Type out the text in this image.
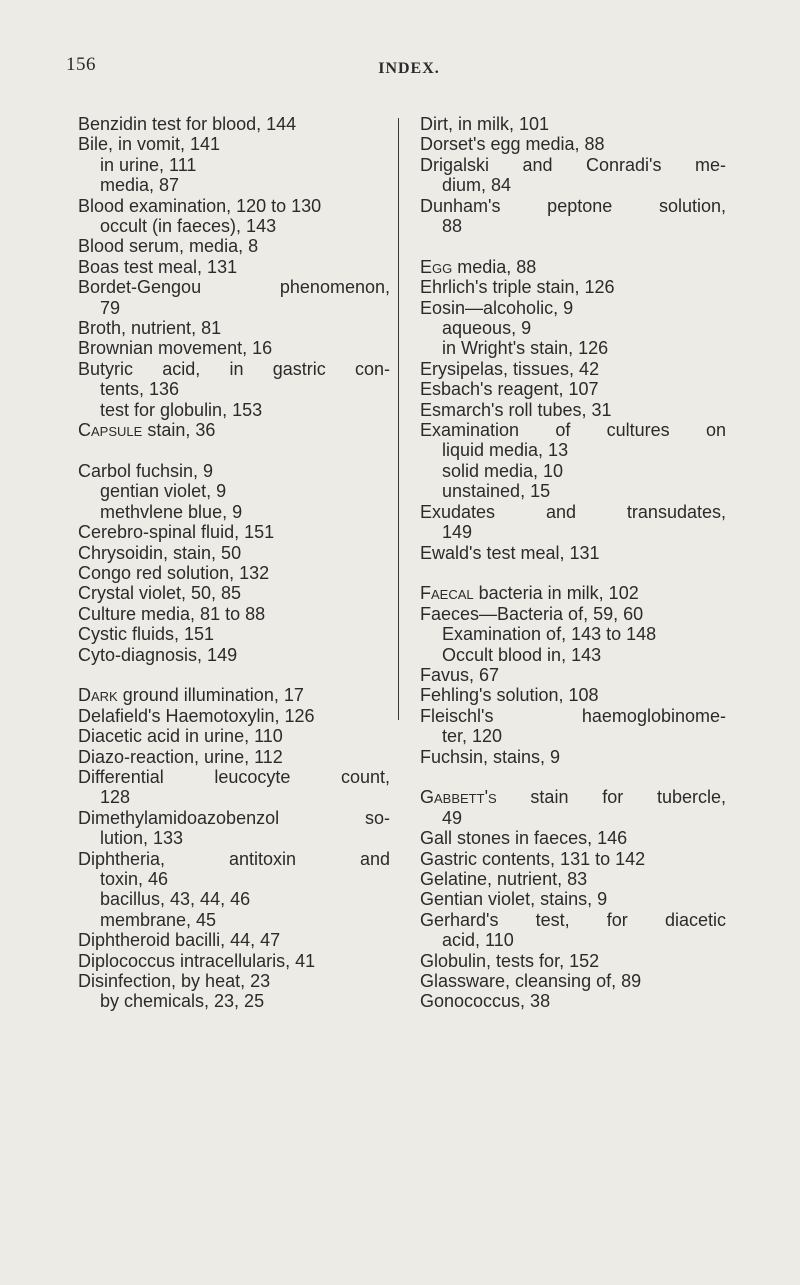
156	INDEX.
Benzidin test for blood, 144
Bile, in vomit, 141
in urine, 111
media, 87
Blood examination, 120 to 130
occult (in faeces), 143
Blood serum, media, 8
Boas test meal, 131
Bordet-Gengou phenomenon,
79
Broth, nutrient, 81
Brownian movement, 16
Butyric acid, in gastric con-
tents, 136
test for globulin, 153
Capsule stain, 36
Carbol fuchsin, 9
gentian violet, 9
methvlene blue, 9
Cerebro-spinal fluid, 151
Chrysoidin, stain, 50
Congo red solution, 132
Crystal violet, 50, 85
Culture media, 81 to 88
Cystic fluids, 151
Cyto-diagnosis, 149
Dark ground illumination, 17
Delafield's Haemotoxylin, 126
Diacetic acid in urine, 110
Diazo-reaction, urine, 112
Differential leucocyte count,
128
Dimethylamidoazobenzol so-
lution, 133
Diphtheria, antitoxin and
toxin, 46
bacillus, 43, 44, 46
membrane, 45
Diphtheroid bacilli, 44, 47
Diplococcus intracellularis, 41
Disinfection, by heat, 23
by chemicals, 23, 25
Dirt, in milk, 101
Dorset's egg media, 88
Drigalski and Conradi's me-
dium, 84
Dunham's peptone solution,
88
Egg media, 88
Ehrlich's triple stain, 126
Eosin—alcoholic, 9
aqueous, 9
in Wright's stain, 126
Erysipelas, tissues, 42
Esbach's reagent, 107
Esmarch's roll tubes, 31
Examination of cultures on
liquid media, 13
solid media, 10
unstained, 15
Exudates and transudates,
149
Ewald's test meal, 131
Faecal bacteria in milk, 102
Faeces—Bacteria of, 59, 60
Examination of, 143 to 148
Occult blood in, 143
Favus, 67
Fehling's solution, 108
Fleischl's haemoglobinome-
ter, 120
Fuchsin, stains, 9
Gabbett's stain for tubercle,
49
Gall stones in faeces, 146
Gastric contents, 131 to 142
Gelatine, nutrient, 83
Gentian violet, stains, 9
Gerhard's test, for diacetic
acid, 110
Globulin, tests for, 152
Glassware, cleansing of, 89
Gonococcus, 38
